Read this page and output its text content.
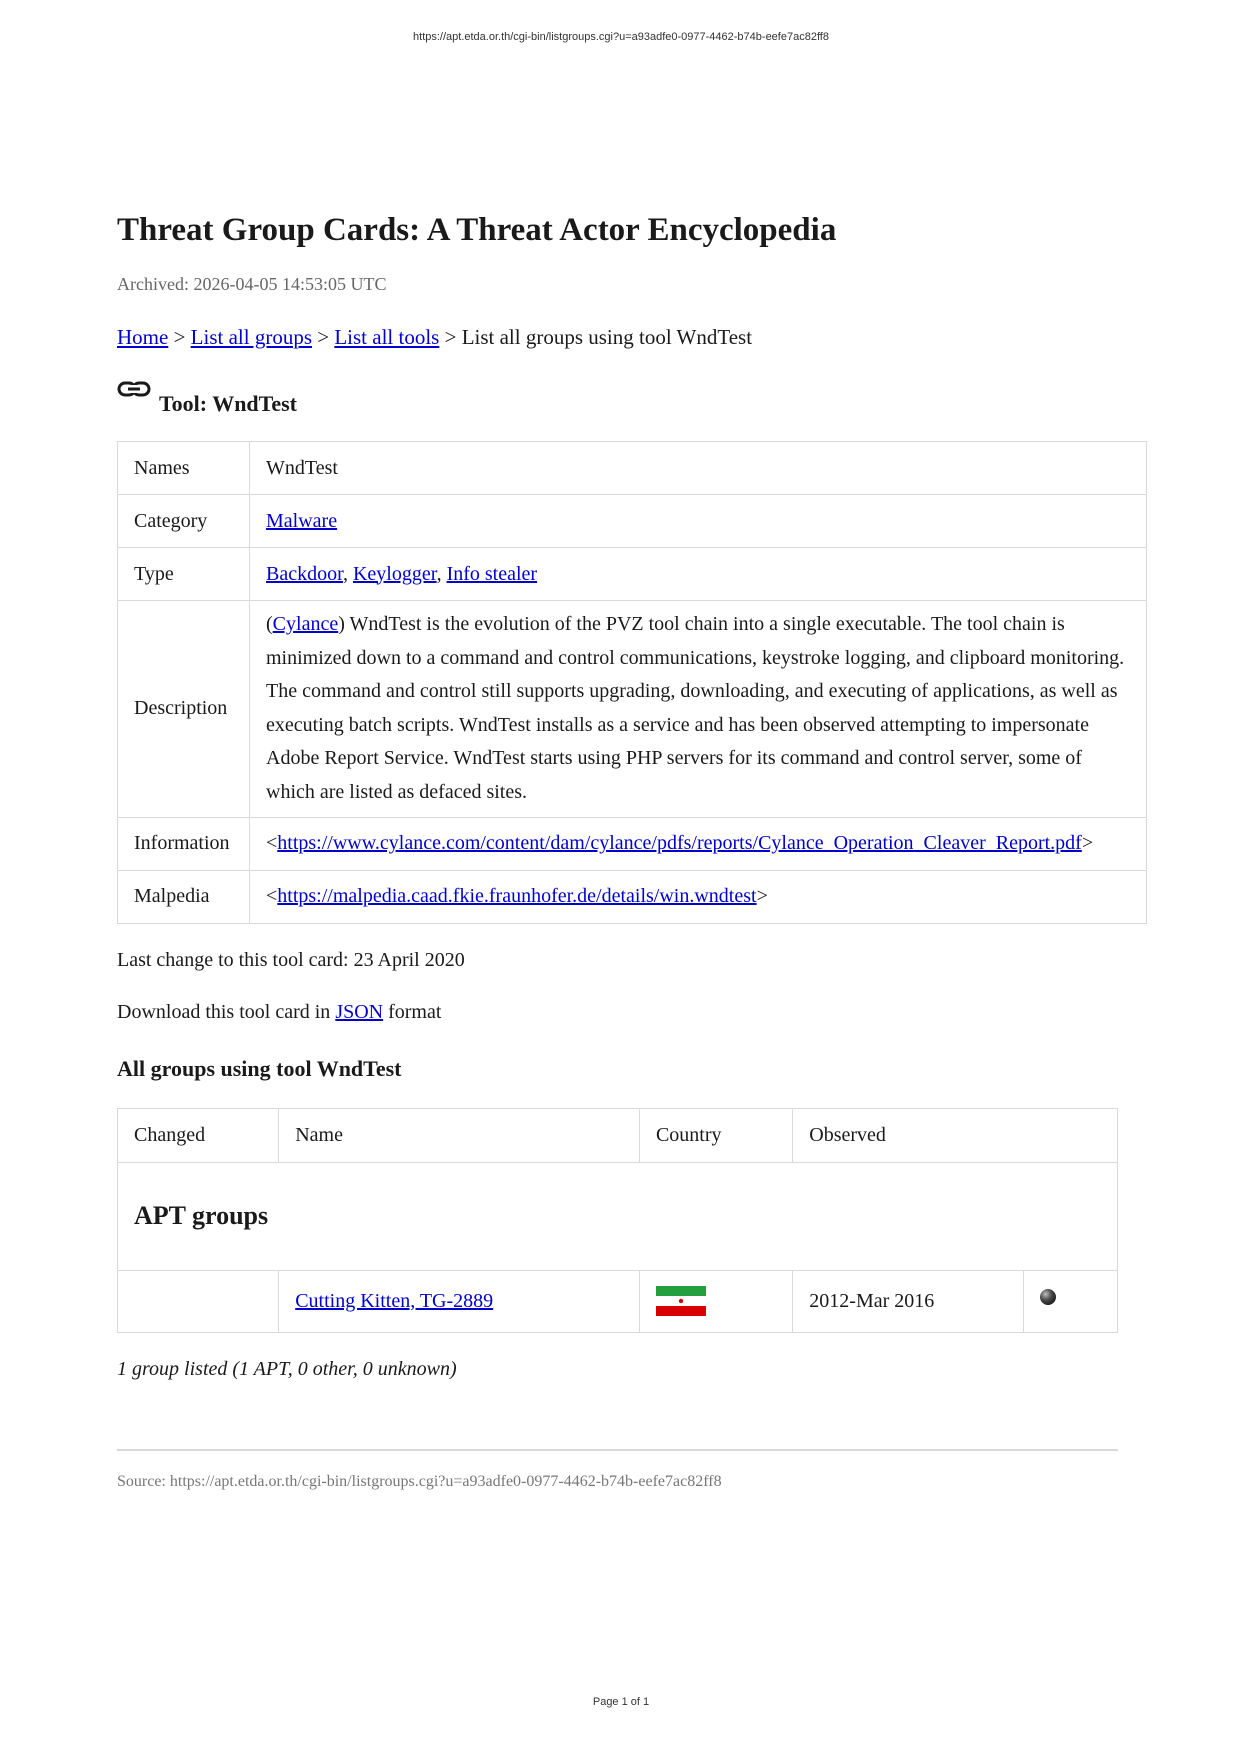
https://apt.etda.or.th/cgi-bin/listgroups.cgi?u=a93adfe0-0977-4462-b74b-eefe7ac82ff8
Threat Group Cards: A Threat Actor Encyclopedia
Archived: 2026-04-05 14:53:05 UTC
Home > List all groups > List all tools > List all groups using tool WndTest
Tool: WndTest
Names	WndTest
Category	Malware
Type	Backdoor, Keylogger, Info stealer
Description	(Cylance) WndTest is the evolution of the PVZ tool chain into a single executable. The tool chain is minimized down to a command and control communications, keystroke logging, and clipboard monitoring. The command and control still supports upgrading, downloading, and executing of applications, as well as executing batch scripts. WndTest installs as a service and has been observed attempting to impersonate Adobe Report Service. WndTest starts using PHP servers for its command and control server, some of which are listed as defaced sites.
Information	<https://www.cylance.com/content/dam/cylance/pdfs/reports/Cylance_Operation_Cleaver_Report.pdf>
Malpedia	<https://malpedia.caad.fkie.fraunhofer.de/details/win.wndtest>
Last change to this tool card: 23 April 2020
Download this tool card in JSON format
All groups using tool WndTest
Changed	Name	Country	Observed	
APT groups				
	Cutting Kitten, TG-2889		2012-Mar 2016	
1 group listed (1 APT, 0 other, 0 unknown)
Source: https://apt.etda.or.th/cgi-bin/listgroups.cgi?u=a93adfe0-0977-4462-b74b-eefe7ac82ff8
Page 1 of 1
